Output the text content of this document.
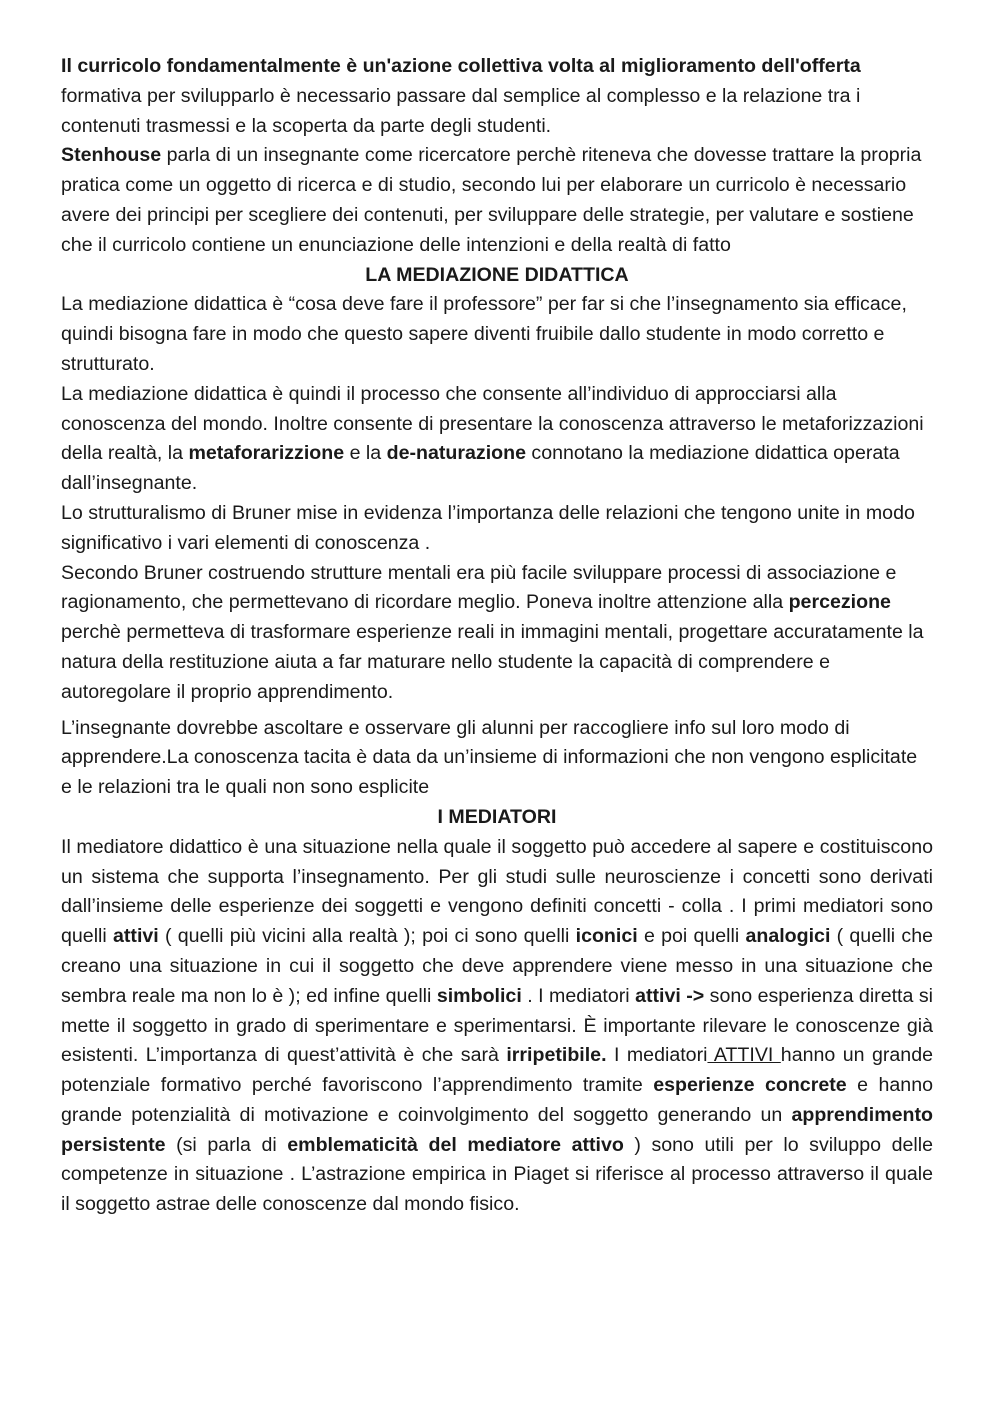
Il curricolo fondamentalmente è un'azione collettiva volta al miglioramento dell'offerta formativa per svilupparlo è necessario passare dal semplice al complesso e la relazione tra i contenuti trasmessi e la scoperta da parte degli studenti.

Stenhouse parla di un insegnante come ricercatore perchè riteneva che dovesse trattare la propria pratica come un oggetto di ricerca e di studio, secondo lui per elaborare un curricolo è necessario avere dei principi per scegliere dei contenuti, per sviluppare delle strategie, per valutare e sostiene che il curricolo contiene un enunciazione delle intenzioni e della realtà di fatto

LA MEDIAZIONE DIDATTICA

La mediazione didattica è “cosa deve fare il professore” per far si che l’insegnamento sia efficace, quindi bisogna fare in modo che questo sapere diventi fruibile dallo studente in modo corretto e strutturato.

La mediazione didattica è quindi il processo che consente all’individuo di approcciarsi alla conoscenza del mondo. Inoltre consente di presentare la conoscenza attraverso le metaforizzazioni della realtà, la metaforarizzione e la de-naturazione connotano la mediazione didattica operata dall’insegnante.

Lo strutturalismo di Bruner mise in evidenza l’importanza delle relazioni che tengono unite in modo significativo i vari elementi di conoscenza .

Secondo Bruner costruendo strutture mentali era più facile sviluppare processi di associazione e ragionamento, che permettevano di ricordare meglio. Poneva inoltre attenzione alla percezione perchè permetteva di trasformare esperienze reali in immagini mentali, progettare accuratamente la natura della restituzione aiuta a far maturare nello studente la capacità di comprendere e autoregolare il proprio apprendimento.

L’insegnante dovrebbe ascoltare e osservare gli alunni per raccogliere info sul loro modo di apprendere.La conoscenza tacita è data da un’insieme di informazioni che non vengono esplicitate e le relazioni tra le quali non sono esplicite

I MEDIATORI

Il mediatore didattico è una situazione nella quale il soggetto può accedere al sapere e costituiscono un sistema che supporta l’insegnamento. Per gli studi sulle neuroscienze i concetti sono derivati dall’insieme delle esperienze dei soggetti e vengono definiti concetti - colla . I primi mediatori sono quelli attivi ( quelli più vicini alla realtà ); poi ci sono quelli iconici e poi quelli analogici ( quelli che creano una situazione in cui il soggetto che deve apprendere viene messo in una situazione che sembra reale ma non lo è ); ed infine quelli simbolici . I mediatori attivi -> sono esperienza diretta si mette il soggetto in grado di sperimentare e sperimentarsi. È importante rilevare le conoscenze già esistenti. L’importanza di quest’attività è che sarà irripetibile. I mediatori ATTIVI hanno un grande potenziale formativo perché favoriscono l’apprendimento tramite esperienze concrete e hanno grande potenzialità di motivazione e coinvolgimento del soggetto generando un apprendimento persistente (si parla di emblematicità del mediatore attivo ) sono utili per lo sviluppo delle competenze in situazione . L’astrazione empirica in Piaget si riferisce al processo attraverso il quale il soggetto astrae delle conoscenze dal mondo fisico.
